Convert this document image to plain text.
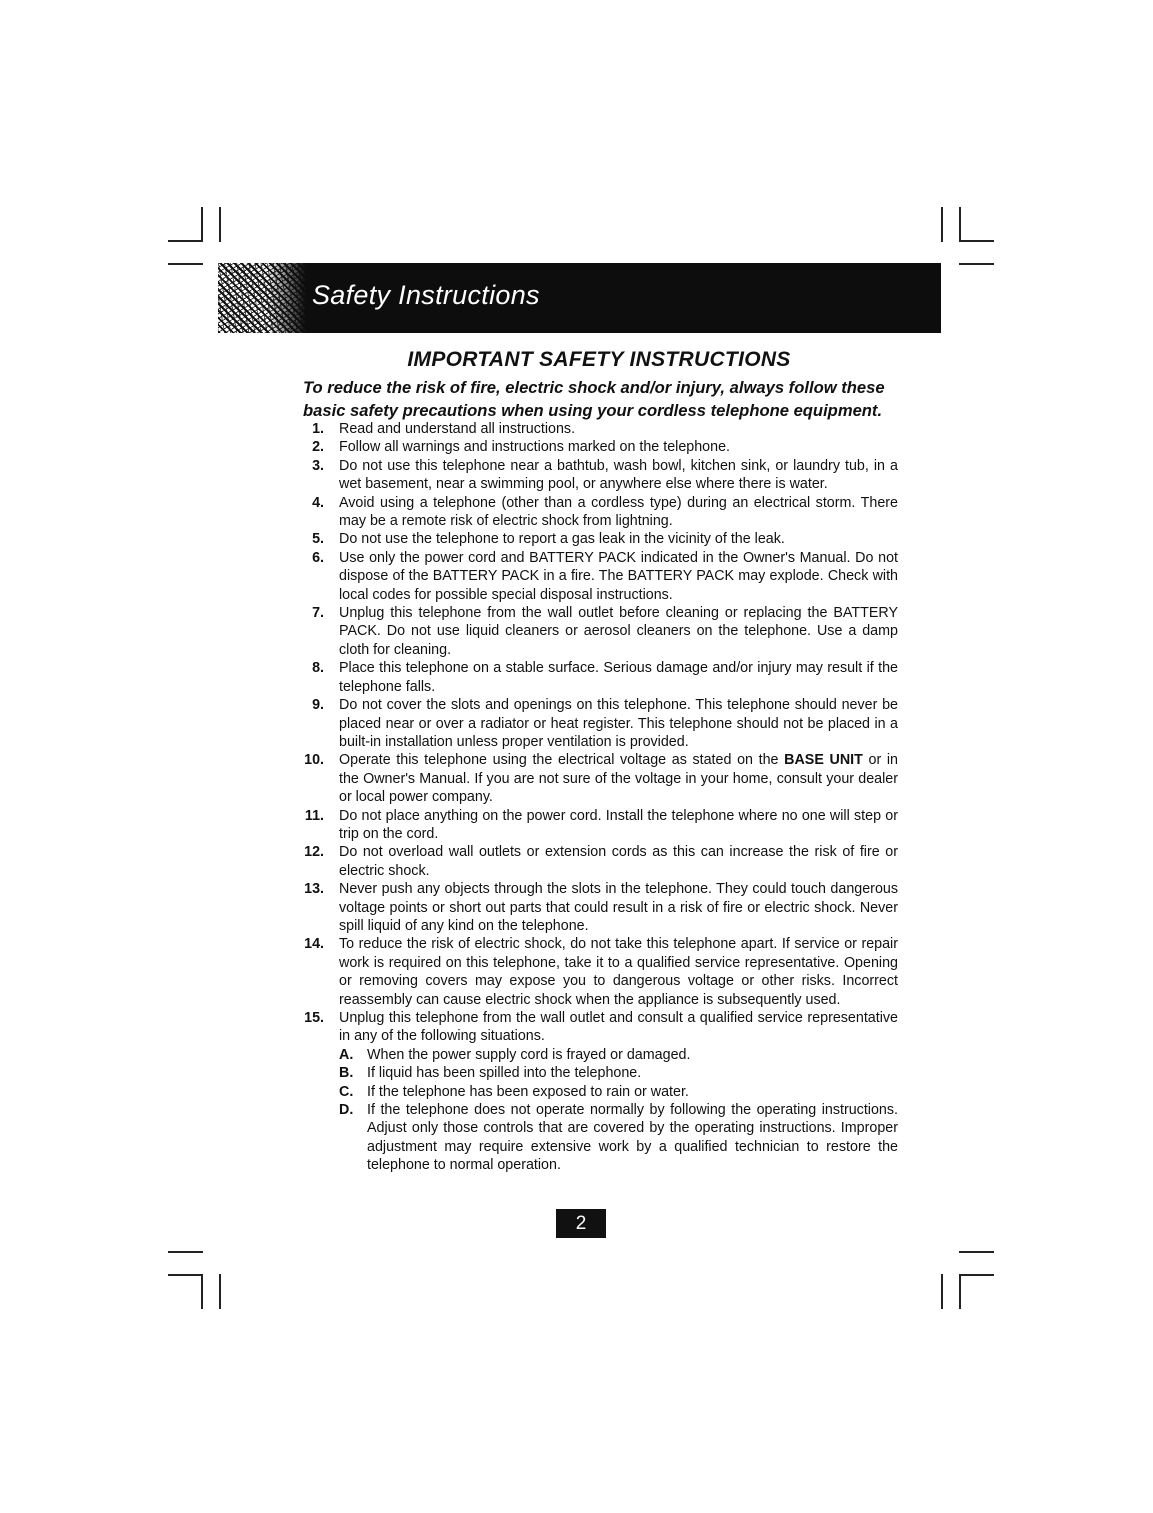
Safety Instructions
IMPORTANT SAFETY INSTRUCTIONS
To reduce the risk of fire, electric shock and/or injury, always follow these basic safety precautions when using your cordless telephone equipment.
1. Read and understand all instructions.
2. Follow all warnings and instructions marked on the telephone.
3. Do not use this telephone near a bathtub, wash bowl, kitchen sink, or laundry tub, in a wet basement, near a swimming pool, or anywhere else where there is water.
4. Avoid using a telephone (other than a cordless type) during an electrical storm. There may be a remote risk of electric shock from lightning.
5. Do not use the telephone to report a gas leak in the vicinity of the leak.
6. Use only the power cord and BATTERY PACK indicated in the Owner's Manual. Do not dispose of the BATTERY PACK in a fire. The BATTERY PACK may explode. Check with local codes for possible special disposal instructions.
7. Unplug this telephone from the wall outlet before cleaning or replacing the BATTERY PACK. Do not use liquid cleaners or aerosol cleaners on the telephone. Use a damp cloth for cleaning.
8. Place this telephone on a stable surface. Serious damage and/or injury may result if the telephone falls.
9. Do not cover the slots and openings on this telephone. This telephone should never be placed near or over a radiator or heat register. This telephone should not be placed in a built-in installation unless proper ventilation is provided.
10. Operate this telephone using the electrical voltage as stated on the BASE UNIT or in the Owner's Manual. If you are not sure of the voltage in your home, consult your dealer or local power company.
11. Do not place anything on the power cord. Install the telephone where no one will step or trip on the cord.
12. Do not overload wall outlets or extension cords as this can increase the risk of fire or electric shock.
13. Never push any objects through the slots in the telephone. They could touch dangerous voltage points or short out parts that could result in a risk of fire or electric shock. Never spill liquid of any kind on the telephone.
14. To reduce the risk of electric shock, do not take this telephone apart. If service or repair work is required on this telephone, take it to a qualified service representative. Opening or removing covers may expose you to dangerous voltage or other risks. Incorrect reassembly can cause electric shock when the appliance is subsequently used.
15. Unplug this telephone from the wall outlet and consult a qualified service representative in any of the following situations.
A. When the power supply cord is frayed or damaged.
B. If liquid has been spilled into the telephone.
C. If the telephone has been exposed to rain or water.
D. If the telephone does not operate normally by following the operating instructions. Adjust only those controls that are covered by the operating instructions. Improper adjustment may require extensive work by a qualified technician to restore the telephone to normal operation.
2
